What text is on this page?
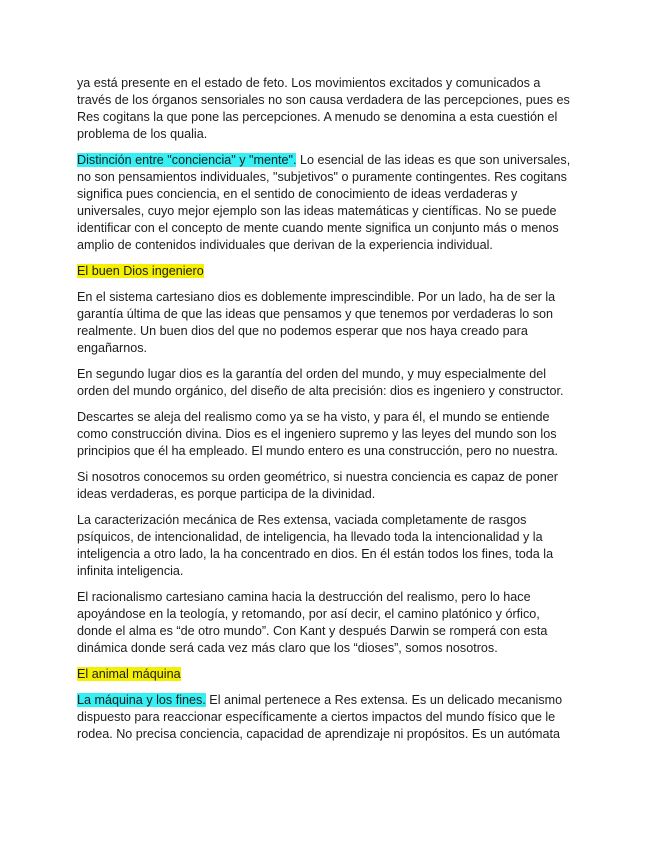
ya está presente en el estado de feto. Los movimientos excitados y comunicados a través de los órganos sensoriales no son causa verdadera de las percepciones, pues es Res cogitans la que pone las percepciones. A menudo se denomina a esta cuestión el problema de los qualia.

Distinción entre "conciencia" y "mente". Lo esencial de las ideas es que son universales, no son pensamientos individuales, "subjetivos" o puramente contingentes. Res cogitans significa pues conciencia, en el sentido de conocimiento de ideas verdaderas y universales, cuyo mejor ejemplo son las ideas matemáticas y científicas. No se puede identificar con el concepto de mente cuando mente significa un conjunto más o menos amplio de contenidos individuales que derivan de la experiencia individual.

El buen Dios ingeniero

En el sistema cartesiano dios es doblemente imprescindible. Por un lado, ha de ser la garantía última de que las ideas que pensamos y que tenemos por verdaderas lo son realmente. Un buen dios del que no podemos esperar que nos haya creado para engañarnos.

En segundo lugar dios es la garantía del orden del mundo, y muy especialmente del orden del mundo orgánico, del diseño de alta precisión: dios es ingeniero y constructor.

Descartes se aleja del realismo como ya se ha visto, y para él, el mundo se entiende como construcción divina. Dios es el ingeniero supremo y las leyes del mundo son los principios que él ha empleado. El mundo entero es una construcción, pero no nuestra.

Si nosotros conocemos su orden geométrico, si nuestra conciencia es capaz de poner ideas verdaderas, es porque participa de la divinidad.

La caracterización mecánica de Res extensa, vaciada completamente de rasgos psíquicos, de intencionalidad, de inteligencia, ha llevado toda la intencionalidad y la inteligencia a otro lado, la ha concentrado en dios. En él están todos los fines, toda la infinita inteligencia.

El racionalismo cartesiano camina hacia la destrucción del realismo, pero lo hace apoyándose en la teología, y retomando, por así decir, el camino platónico y órfico, donde el alma es “de otro mundo”. Con Kant y después Darwin se romperá con esta dinámica donde será cada vez más claro que los “dioses”, somos nosotros.

El animal máquina

La máquina y los fines. El animal pertenece a Res extensa. Es un delicado mecanismo dispuesto para reaccionar específicamente a ciertos impactos del mundo físico que le rodea. No precisa conciencia, capacidad de aprendizaje ni propósitos. Es un autómata
